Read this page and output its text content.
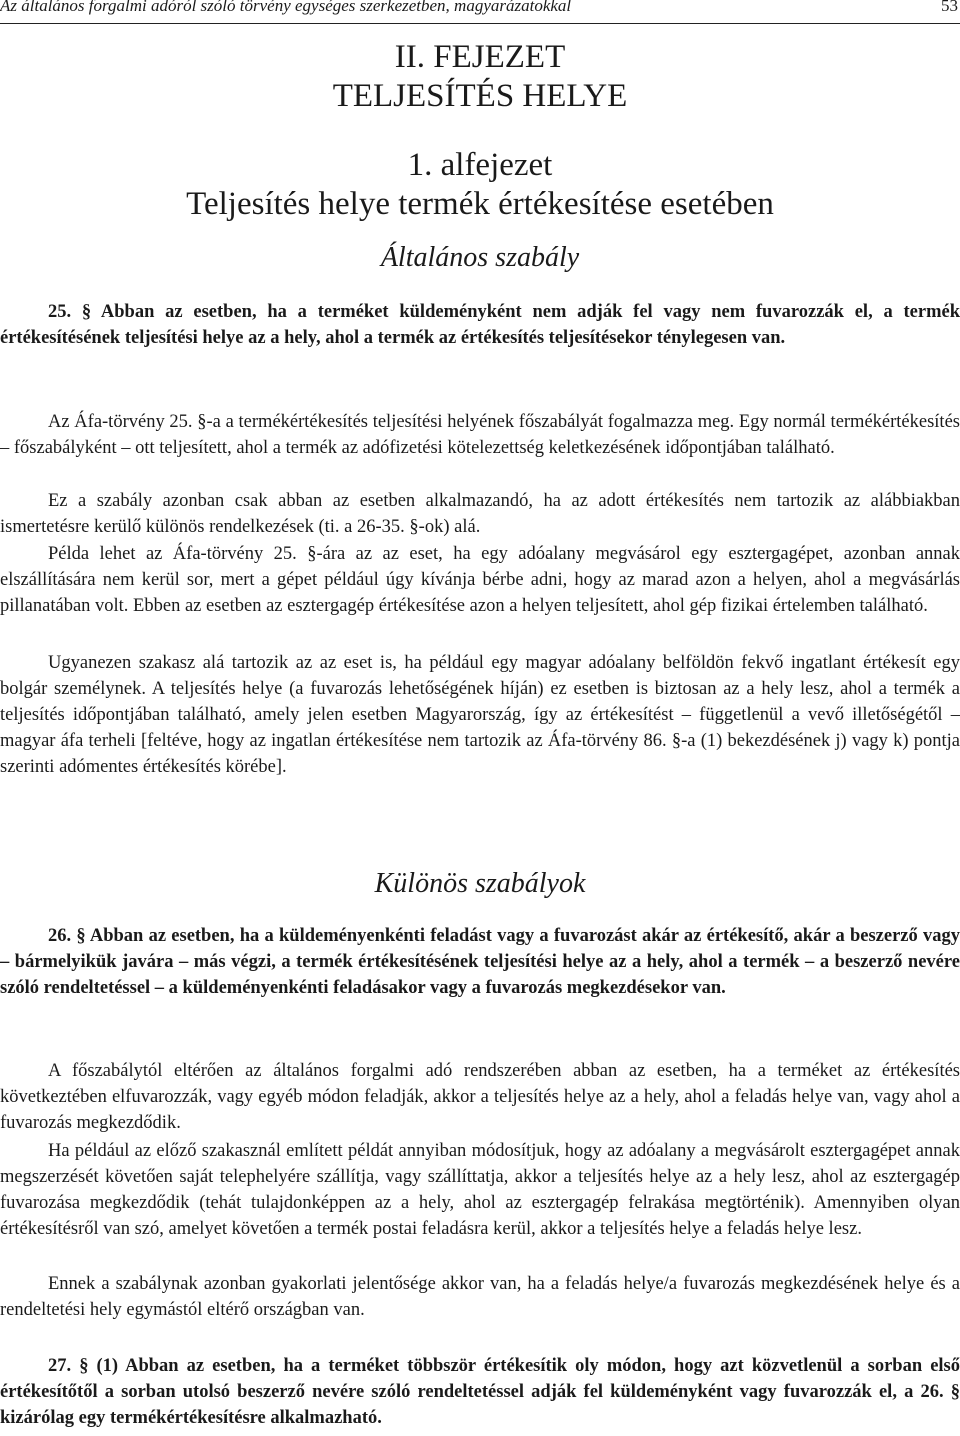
Az általános forgalmi adóról szóló törvény egységes szerkezetben, magyarázatokkal	53
II. FEJEZET
TELJESÍTÉS HELYE
1. alfejezet
Teljesítés helye termék értékesítése esetében
Általános szabály

25. § Abban az esetben, ha a terméket küldeményként nem adják fel vagy nem fuvarozzák el, a termék értékesítésének teljesítési helye az a hely, ahol a termék az értékesítés teljesítésekor ténylegesen van.

Az Áfa-törvény 25. §-a a termékértékesítés teljesítési helyének főszabályát fogalmazza meg. Egy normál termékértékesítés – főszabályként – ott teljesített, ahol a termék az adófizetési kötelezettség keletkezésének időpontjában található.

Ez a szabály azonban csak abban az esetben alkalmazandó, ha az adott értékesítés nem tartozik az alábbiakban ismertetésre kerülő különös rendelkezések (ti. a 26-35. §-ok) alá.

Példa lehet az Áfa-törvény 25. §-ára az az eset, ha egy adóalany megvásárol egy esztergagépet, azonban annak elszállítására nem kerül sor, mert a gépet például úgy kívánja bérbe adni, hogy az marad azon a helyen, ahol a megvásárlás pillanatában volt. Ebben az esetben az esztergagép értékesítése azon a helyen teljesített, ahol gép fizikai értelemben található.

Ugyanezen szakasz alá tartozik az az eset is, ha például egy magyar adóalany belföldön fekvő ingatlant értékesít egy bolgár személynek. A teljesítés helye (a fuvarozás lehetőségének híján) ez esetben is biztosan az a hely lesz, ahol a termék a teljesítés időpontjában található, amely jelen esetben Magyarország, így az értékesítést – függetlenül a vevő illetőségétől – magyar áfa terheli [feltéve, hogy az ingatlan értékesítése nem tartozik az Áfa-törvény 86. §-a (1) bekezdésének j) vagy k) pontja szerinti adómentes értékesítés körébe].

Különös szabályok

26. § Abban az esetben, ha a küldeményenkénti feladást vagy a fuvarozást akár az értékesítő, akár a beszerző vagy – bármelyikük javára – más végzi, a termék értékesítésének teljesítési helye az a hely, ahol a termék – a beszerző nevére szóló rendeltetéssel – a küldeményenkénti feladásakor vagy a fuvarozás megkezdésekor van.

A főszabálytól eltérően az általános forgalmi adó rendszerében abban az esetben, ha a terméket az értékesítés következtében elfuvarozzák, vagy egyéb módon feladják, akkor a teljesítés helye az a hely, ahol a feladás helye van, vagy ahol a fuvarozás megkezdődik.

Ha például az előző szakasznál említett példát annyiban módosítjuk, hogy az adóalany a megvásárolt esztergagépet annak megszerzését követően saját telephelyére szállítja, vagy szállíttatja, akkor a teljesítés helye az a hely lesz, ahol az esztergagép fuvarozása megkezdődik (tehát tulajdonképpen az a hely, ahol az esztergagép felrakása megtörténik). Amennyiben olyan értékesítésről van szó, amelyet követően a termék postai feladásra kerül, akkor a teljesítés helye a feladás helye lesz.

Ennek a szabálynak azonban gyakorlati jelentősége akkor van, ha a feladás helye/a fuvarozás megkezdésének helye és a rendeltetési hely egymástól eltérő országban van.

27. § (1) Abban az esetben, ha a terméket többször értékesítik oly módon, hogy azt közvetlenül a sorban első értékesítőtől a sorban utolsó beszerző nevére szóló rendeltetéssel adják fel küldeményként vagy fuvarozzák el, a 26. § kizárólag egy termékértékesítésre alkalmazható.
